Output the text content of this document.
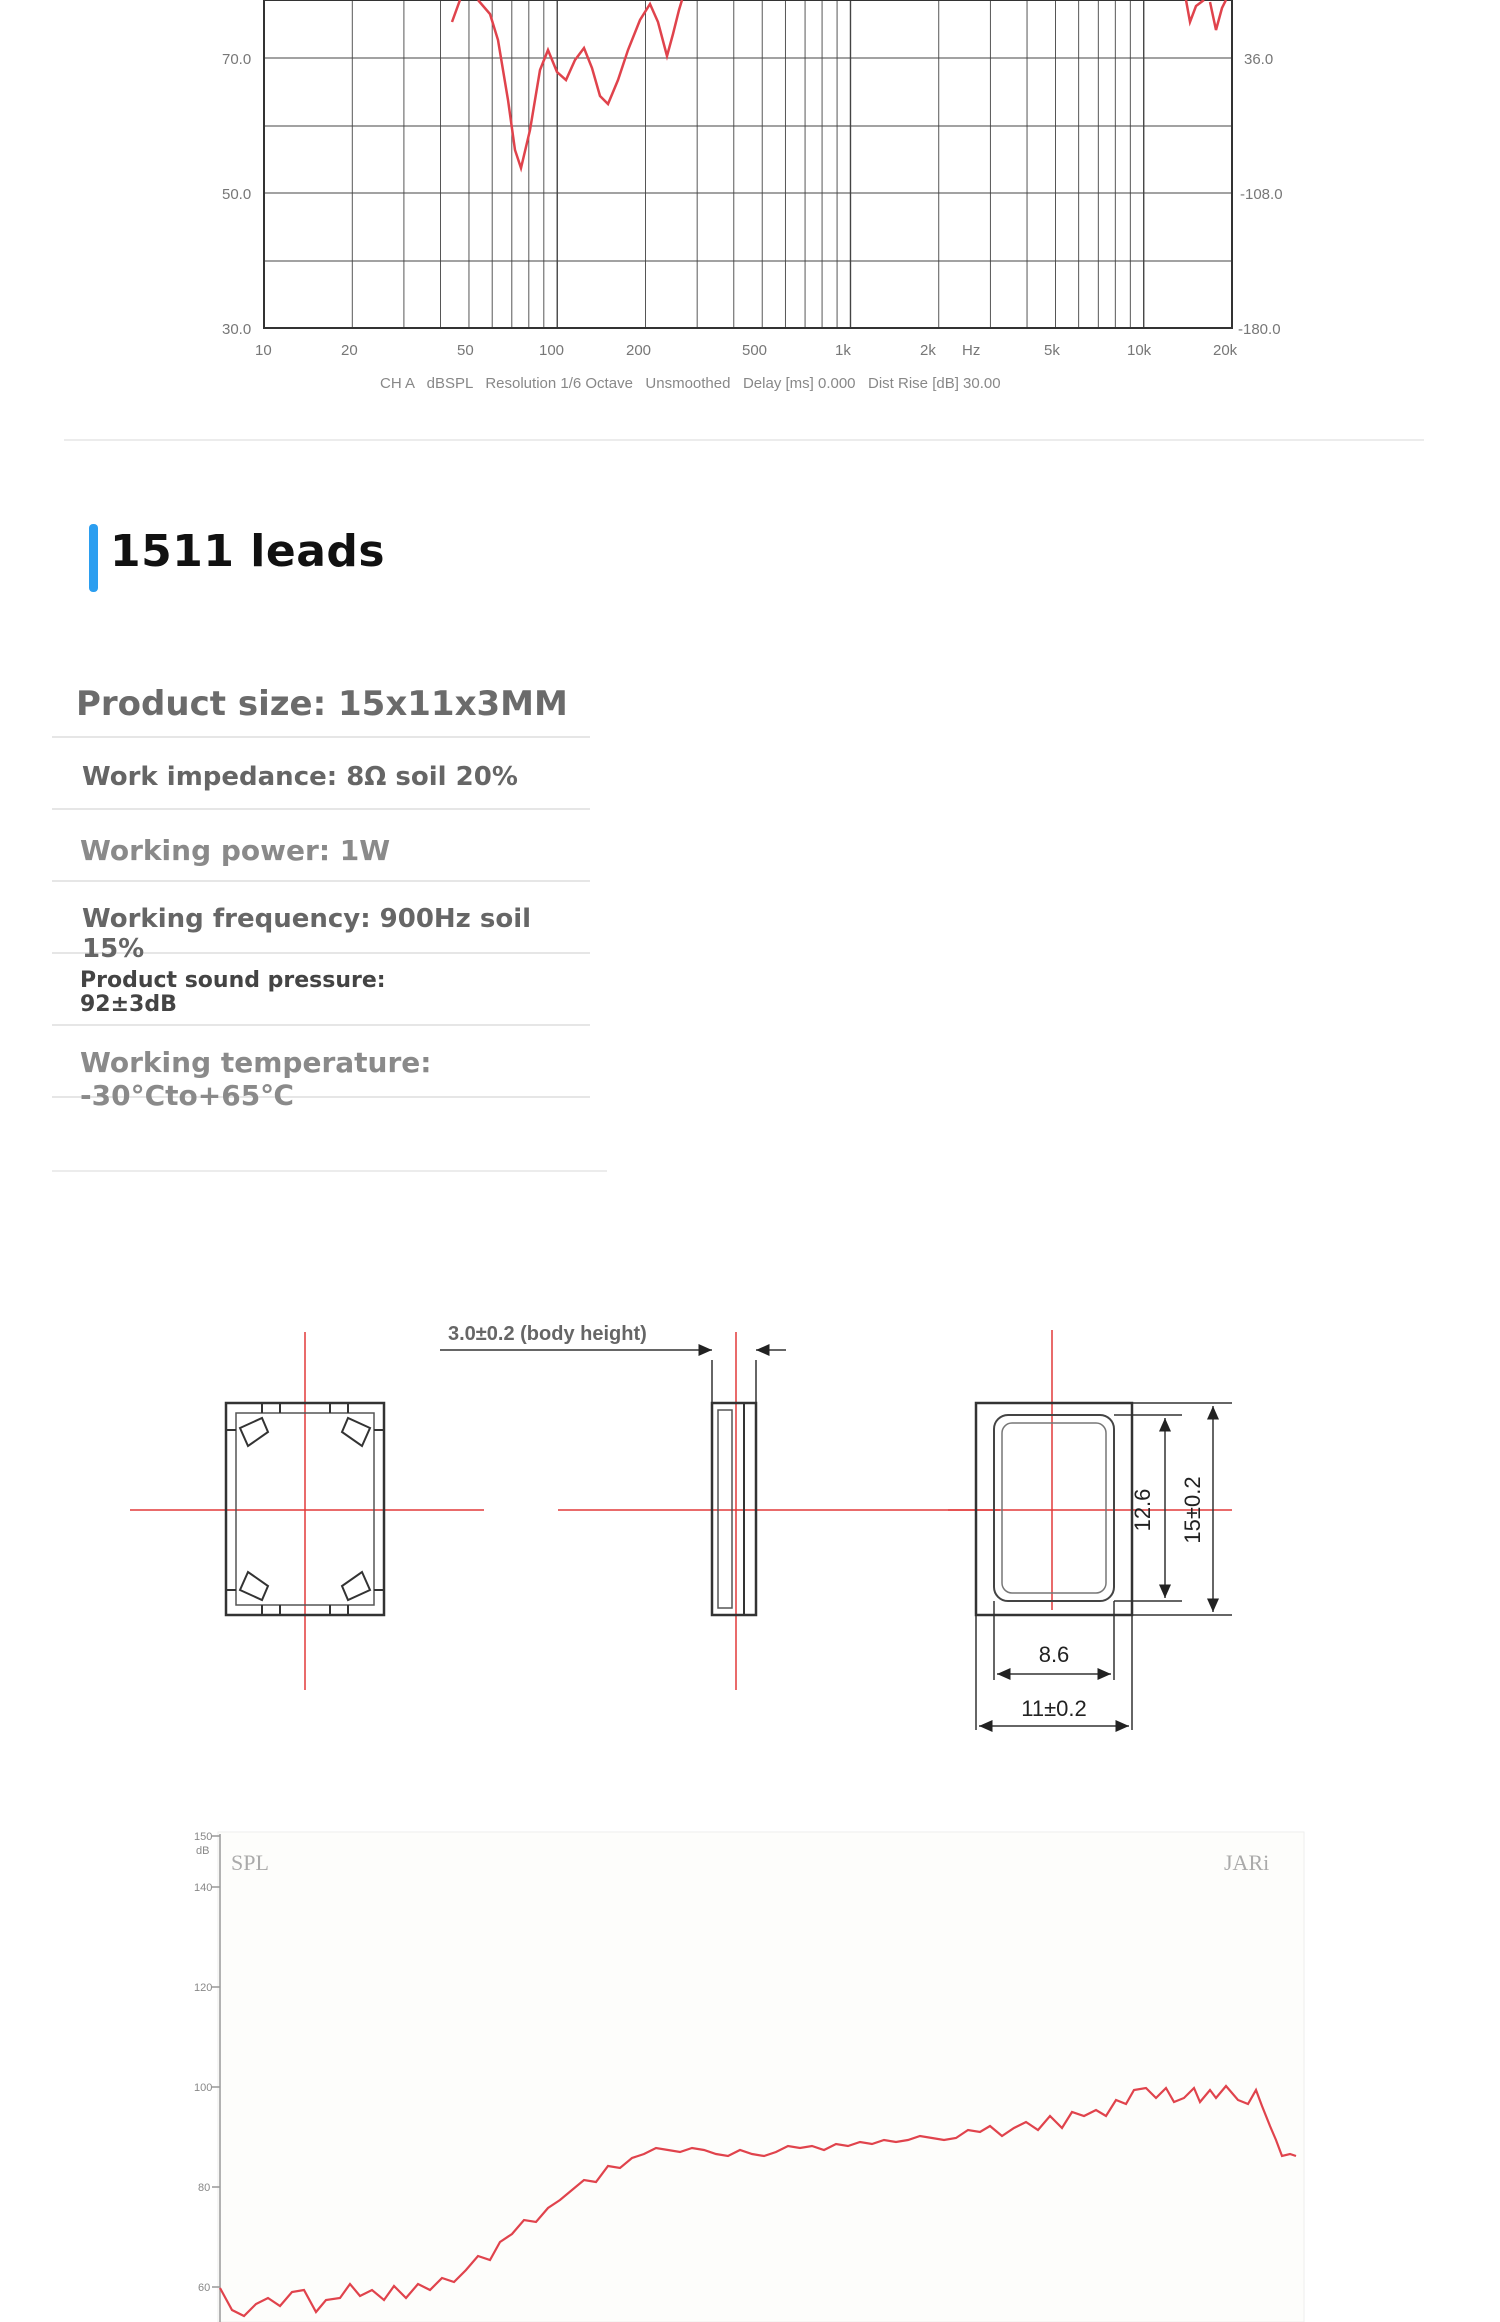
70.0
50.0
30.0
36.0
-108.0
-180.0
10	20	50	100	200	500	1k	2k Hz	5k	10k	20k
CH A   dBSPL   Resolution 1/6 Octave   Unsmoothed   Delay [ms] 0.000   Dist Rise [dB] 30.00
1511 leads
Product size: 15x11x3MM
Work impedance: 8Ω soil 20%
Working power: 1W
Working frequency: 900Hz soil 15%
Product sound pressure:
92±3dB
Working temperature: -30°Cto+65℃
3.0±0.2 (body height)
12.6 15±0.2
8.6
11±0.2
150
dB
140
120
100
80
60
SPL	JARi
